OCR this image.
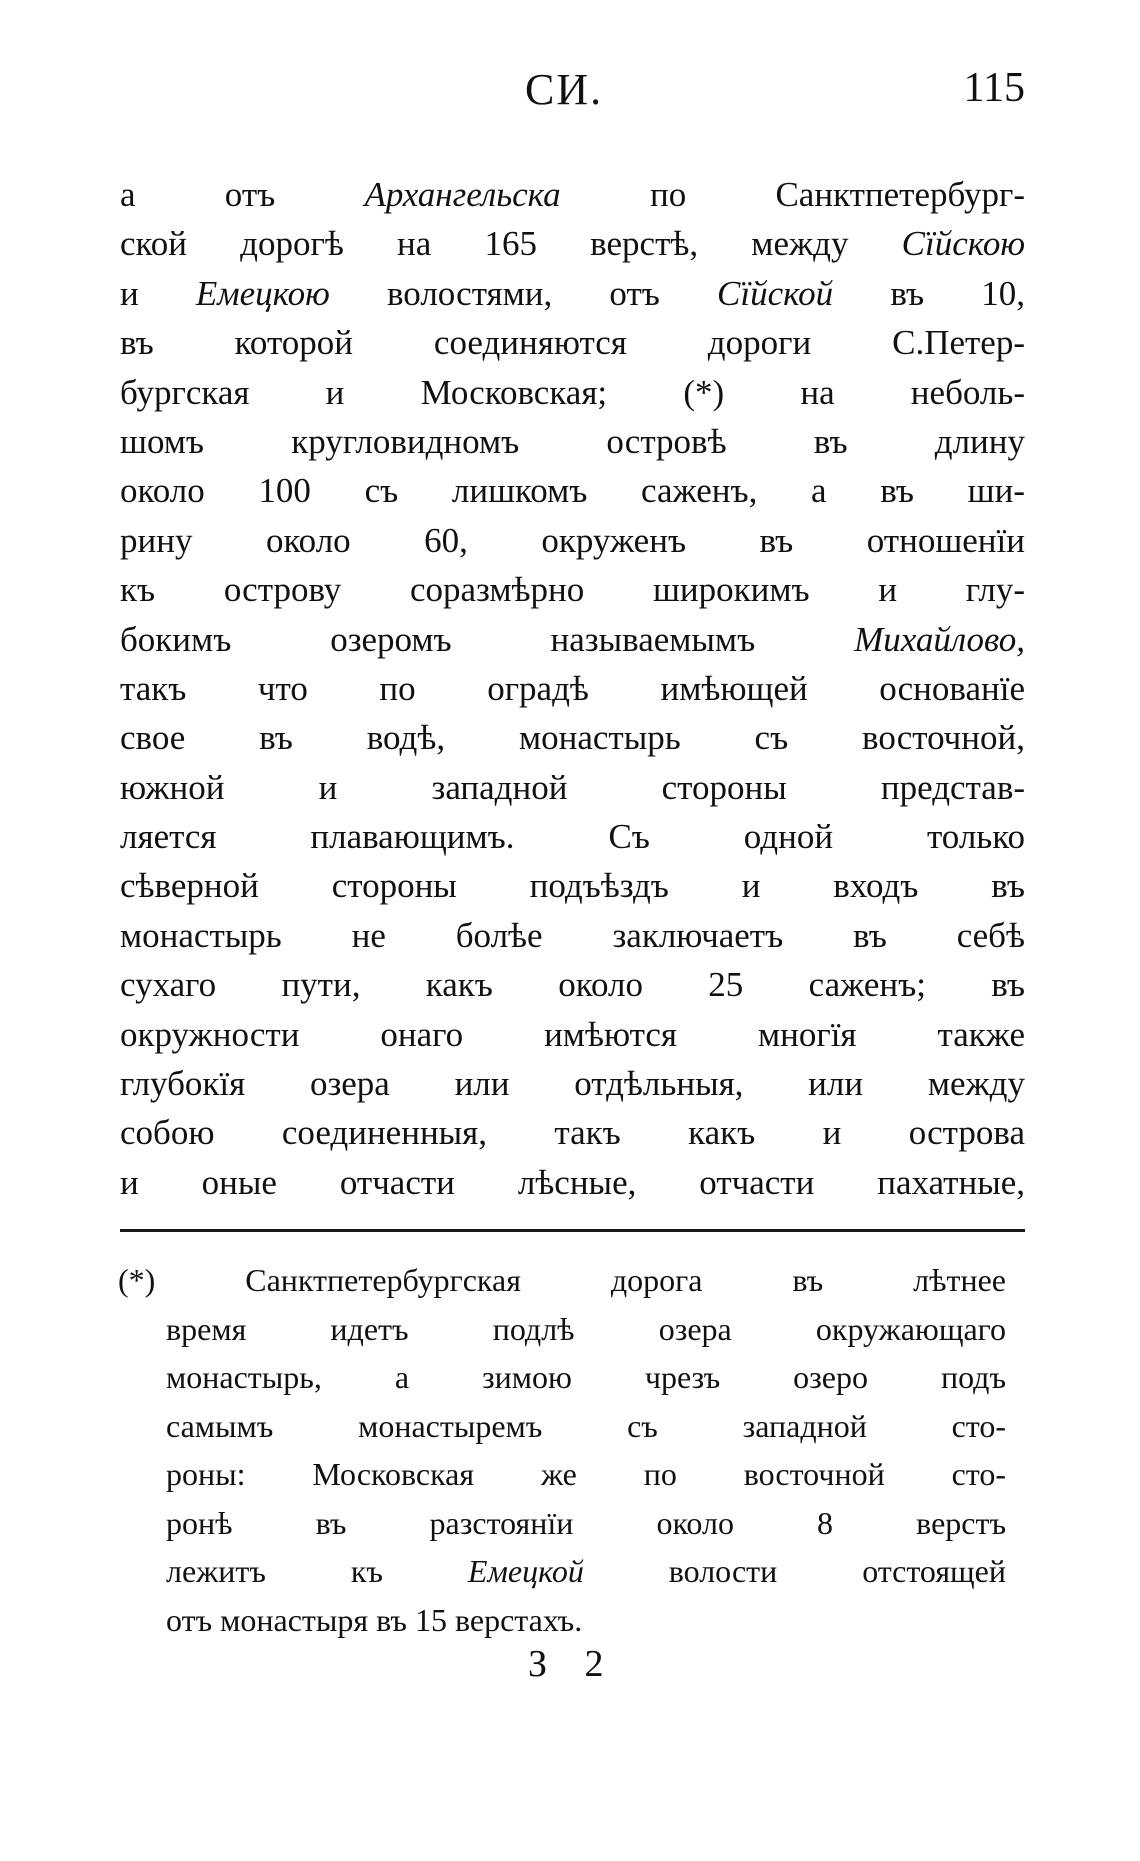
СИ.	115
а отъ Архангельска по Санктпетербург-
ской дорогѣ на 165 верстѣ, между Сїйскою
и Емецкою волостями, отъ Сїйской въ 10,
въ которой соединяются дороги С.Петер-
бургская и Московская; (*) на неболь-
шомъ кругловидномъ островѣ въ длину
около 100 съ лишкомъ саженъ, а въ ши-
рину около 60, окруженъ въ отношенїи
къ острову соразмѣрно широкимъ и глу-
бокимъ озеромъ называемымъ Михайлово,
такъ что по оградѣ имѣющей основанїе
свое въ водѣ, монастырь съ восточной,
южной и западной стороны представ-
ляется плавающимъ. Съ одной только
сѣверной стороны подъѣздъ и входъ въ
монастырь не болѣе заключаетъ въ себѣ
сухаго пути, какъ около 25 саженъ; въ
окружности онаго имѣются многїя также
глубокїя озера или отдѣльныя, или между
собою соединенныя, такъ какъ и острова
и оные отчасти лѣсные, отчасти пахатные,
(*) Санктпетербургская дорога въ лѣтнее
время идетъ подлѣ озера окружающаго
монастырь, а зимою чрезъ озеро подъ
самымъ монастыремъ съ западной сто-
роны: Московская же по восточной сто-
ронѣ въ разстоянїи около 8 верстъ
лежитъ къ Емецкой волости отстоящей
отъ монастыря въ 15 верстахъ.
З 2
